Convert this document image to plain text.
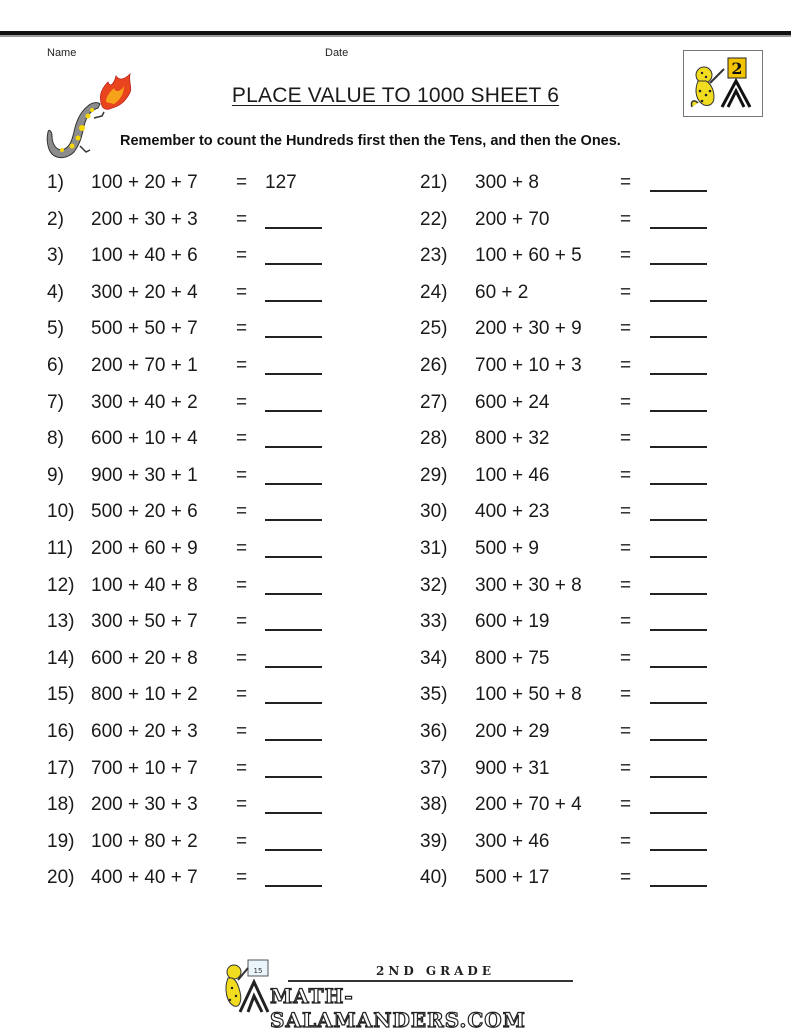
Name	Date
PLACE VALUE TO 1000 SHEET 6
Remember to count the Hundreds first then the Tens, and then the Ones.
2
1) 100 + 20 + 7 = 127
2) 200 + 30 + 3 =
3) 100 + 40 + 6 =
4) 300 + 20 + 4 =
5) 500 + 50 + 7 =
6) 200 + 70 + 1 =
7) 300 + 40 + 2 =
8) 600 + 10 + 4 =
9) 900 + 30 + 1 =
10) 500 + 20 + 6 =
11) 200 + 60 + 9 =
12) 100 + 40 + 8 =
13) 300 + 50 + 7 =
14) 600 + 20 + 8 =
15) 800 + 10 + 2 =
16) 600 + 20 + 3 =
17) 700 + 10 + 7 =
18) 200 + 30 + 3 =
19) 100 + 80 + 2 =
20) 400 + 40 + 7 =
21) 300 + 8	=
22) 200 + 70	=
23) 100 + 60 + 5 =
24) 60 + 2	=
25) 200 + 30 + 9 =
26) 700 + 10 + 3 =
27) 600 + 24	=
28) 800 + 32	=
29) 100 + 46	=
30) 400 + 23	=
31) 500 + 9	=
32) 300 + 30 + 8 =
33) 600 + 19	=
34) 800 + 75	=
35) 100 + 50 + 8 =
36) 200 + 29	=
37) 900 + 31	=
38) 200 + 70 + 4 =
39) 300 + 46	=
40) 500 + 17	=
15	2ND GRADE
MATH-SALAMANDERS.COM
